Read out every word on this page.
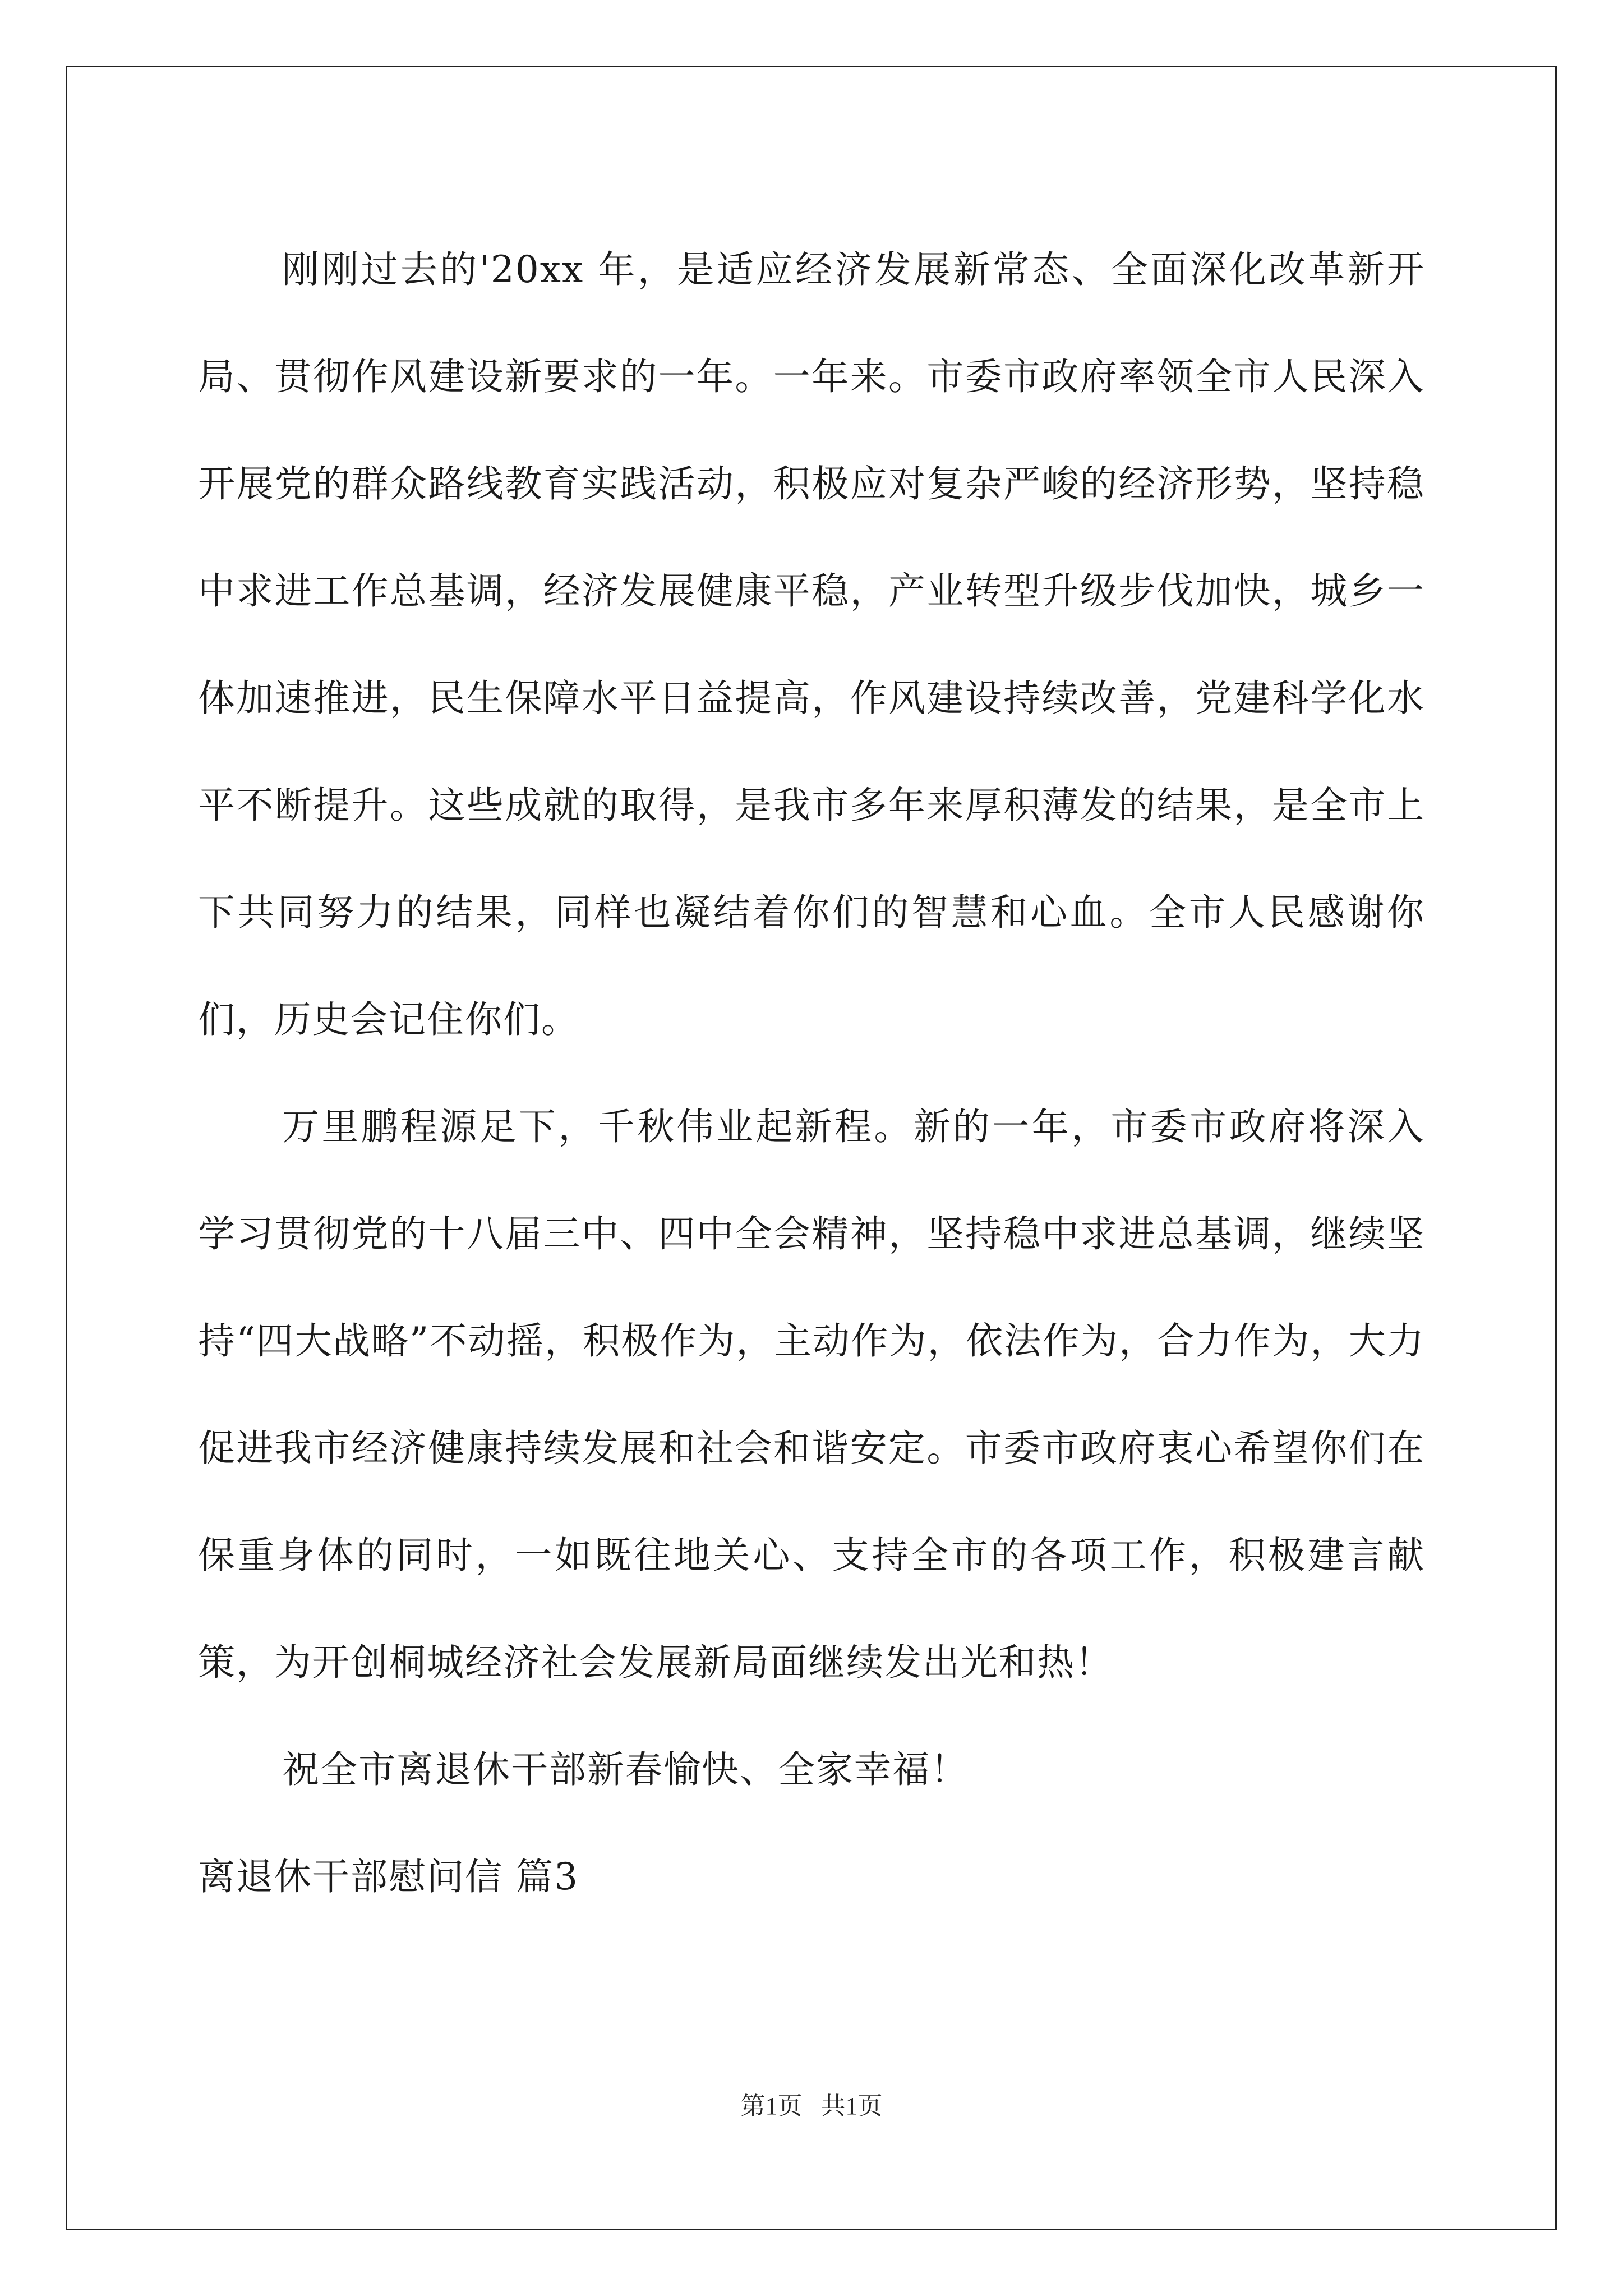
刚刚过去的'20xx 年，是适应经济发展新常态、全面深化改革新开局、贯彻作风建设新要求的一年。一年来。市委市政府率领全市人民深入开展党的群众路线教育实践活动，积极应对复杂严峻的经济形势，坚持稳中求进工作总基调，经济发展健康平稳，产业转型升级步伐加快，城乡一体加速推进，民生保障水平日益提高，作风建设持续改善，党建科学化水平不断提升。这些成就的取得，是我市多年来厚积薄发的结果，是全市上下共同努力的结果，同样也凝结着你们的智慧和心血。全市人民感谢你们，历史会记住你们。

万里鹏程源足下，千秋伟业起新程。新的一年，市委市政府将深入学习贯彻党的十八届三中、四中全会精神，坚持稳中求进总基调，继续坚持“四大战略”不动摇，积极作为，主动作为，依法作为，合力作为，大力促进我市经济健康持续发展和社会和谐安定。市委市政府衷心希望你们在保重身体的同时，一如既往地关心、支持全市的各项工作，积极建言献策，为开创桐城经济社会发展新局面继续发出光和热！

祝全市离退休干部新春愉快、全家幸福！

离退休干部慰问信 篇3

第1页   共1页
